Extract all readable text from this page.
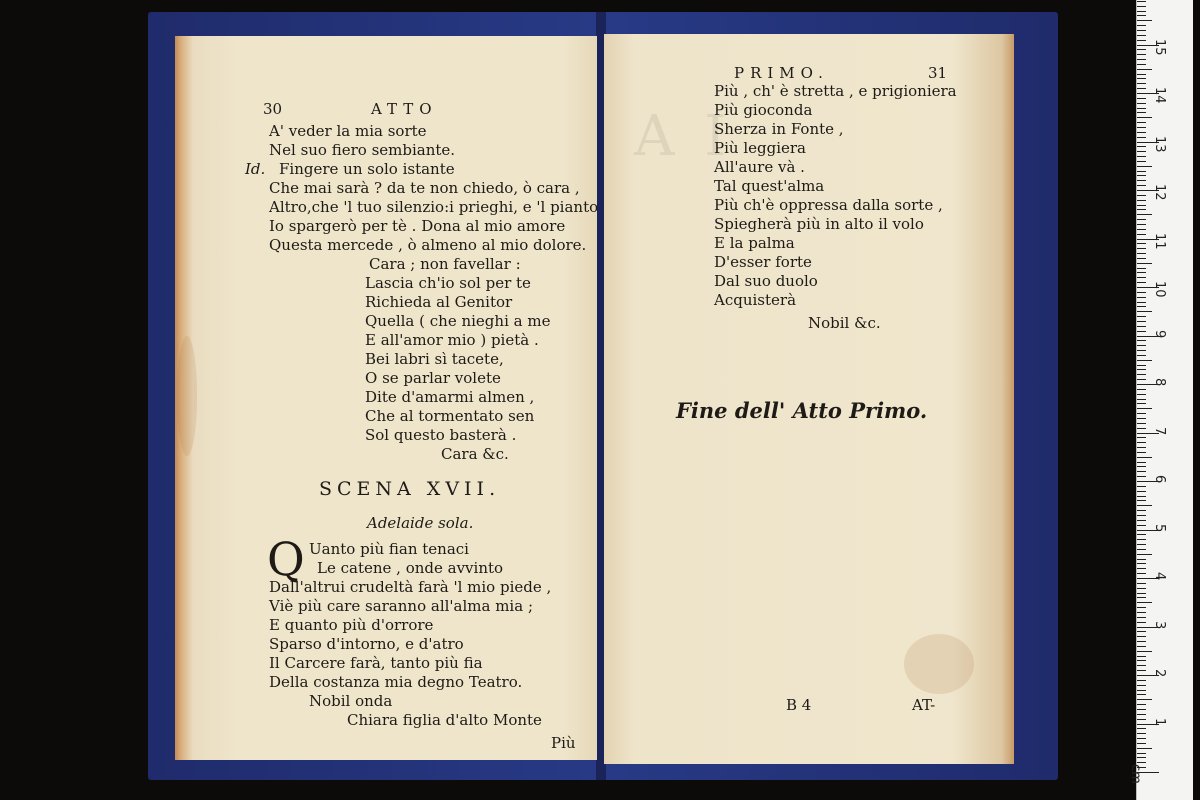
30	ATTO
A' veder la mia sorte
Nel suo fiero sembiante.
Id. Fingere un solo istante
Che mai sarà ? da te non chiedo, ò cara ,
Altro,che 'l tuo silenzio:i prieghi, e 'l pianto
Io spargerò per tè . Dona al mio amore
Questa mercede , ò almeno al mio dolore.
Cara ; non favellar :
Lascia ch'io sol per te
Richieda al Genitor
Quella ( che nieghi a me
E all'amor mio ) pietà .
Bei labri sì tacete,
O se parlar volete
Dite d'amarmi almen ,
Che al tormentato sen
Sol questo basterà .
Cara &c.
SCENA XVII.
Adelaide sola.
Q Uanto più fian tenaci
Le catene , onde avvinto
Dall'altrui crudeltà farà 'l mio piede ,
Viè più care saranno all'alma mia ;
E quanto più d'orrore
Sparso d'intorno, e d'atro
Il Carcere farà, tanto più fia
Della costanza mia degno Teatro.
Nobil onda
Chiara figlia d'alto Monte
Più
A I
PRIMO.	31
Più , ch' è stretta , e prigioniera
Più gioconda
Sherza in Fonte ,
Più leggiera
All'aure và .
Tal quest'alma
Più ch'è oppressa dalla sorte ,
Spiegherà più in alto il volo
E la palma
D'esser forte
Dal suo duolo
Acquisterà
Nobil &c.
Fine dell' Atto Primo.
B 4	AT-
1
2
3
4
5
6
7
8
9
10
11
12
13
14
15
cm
